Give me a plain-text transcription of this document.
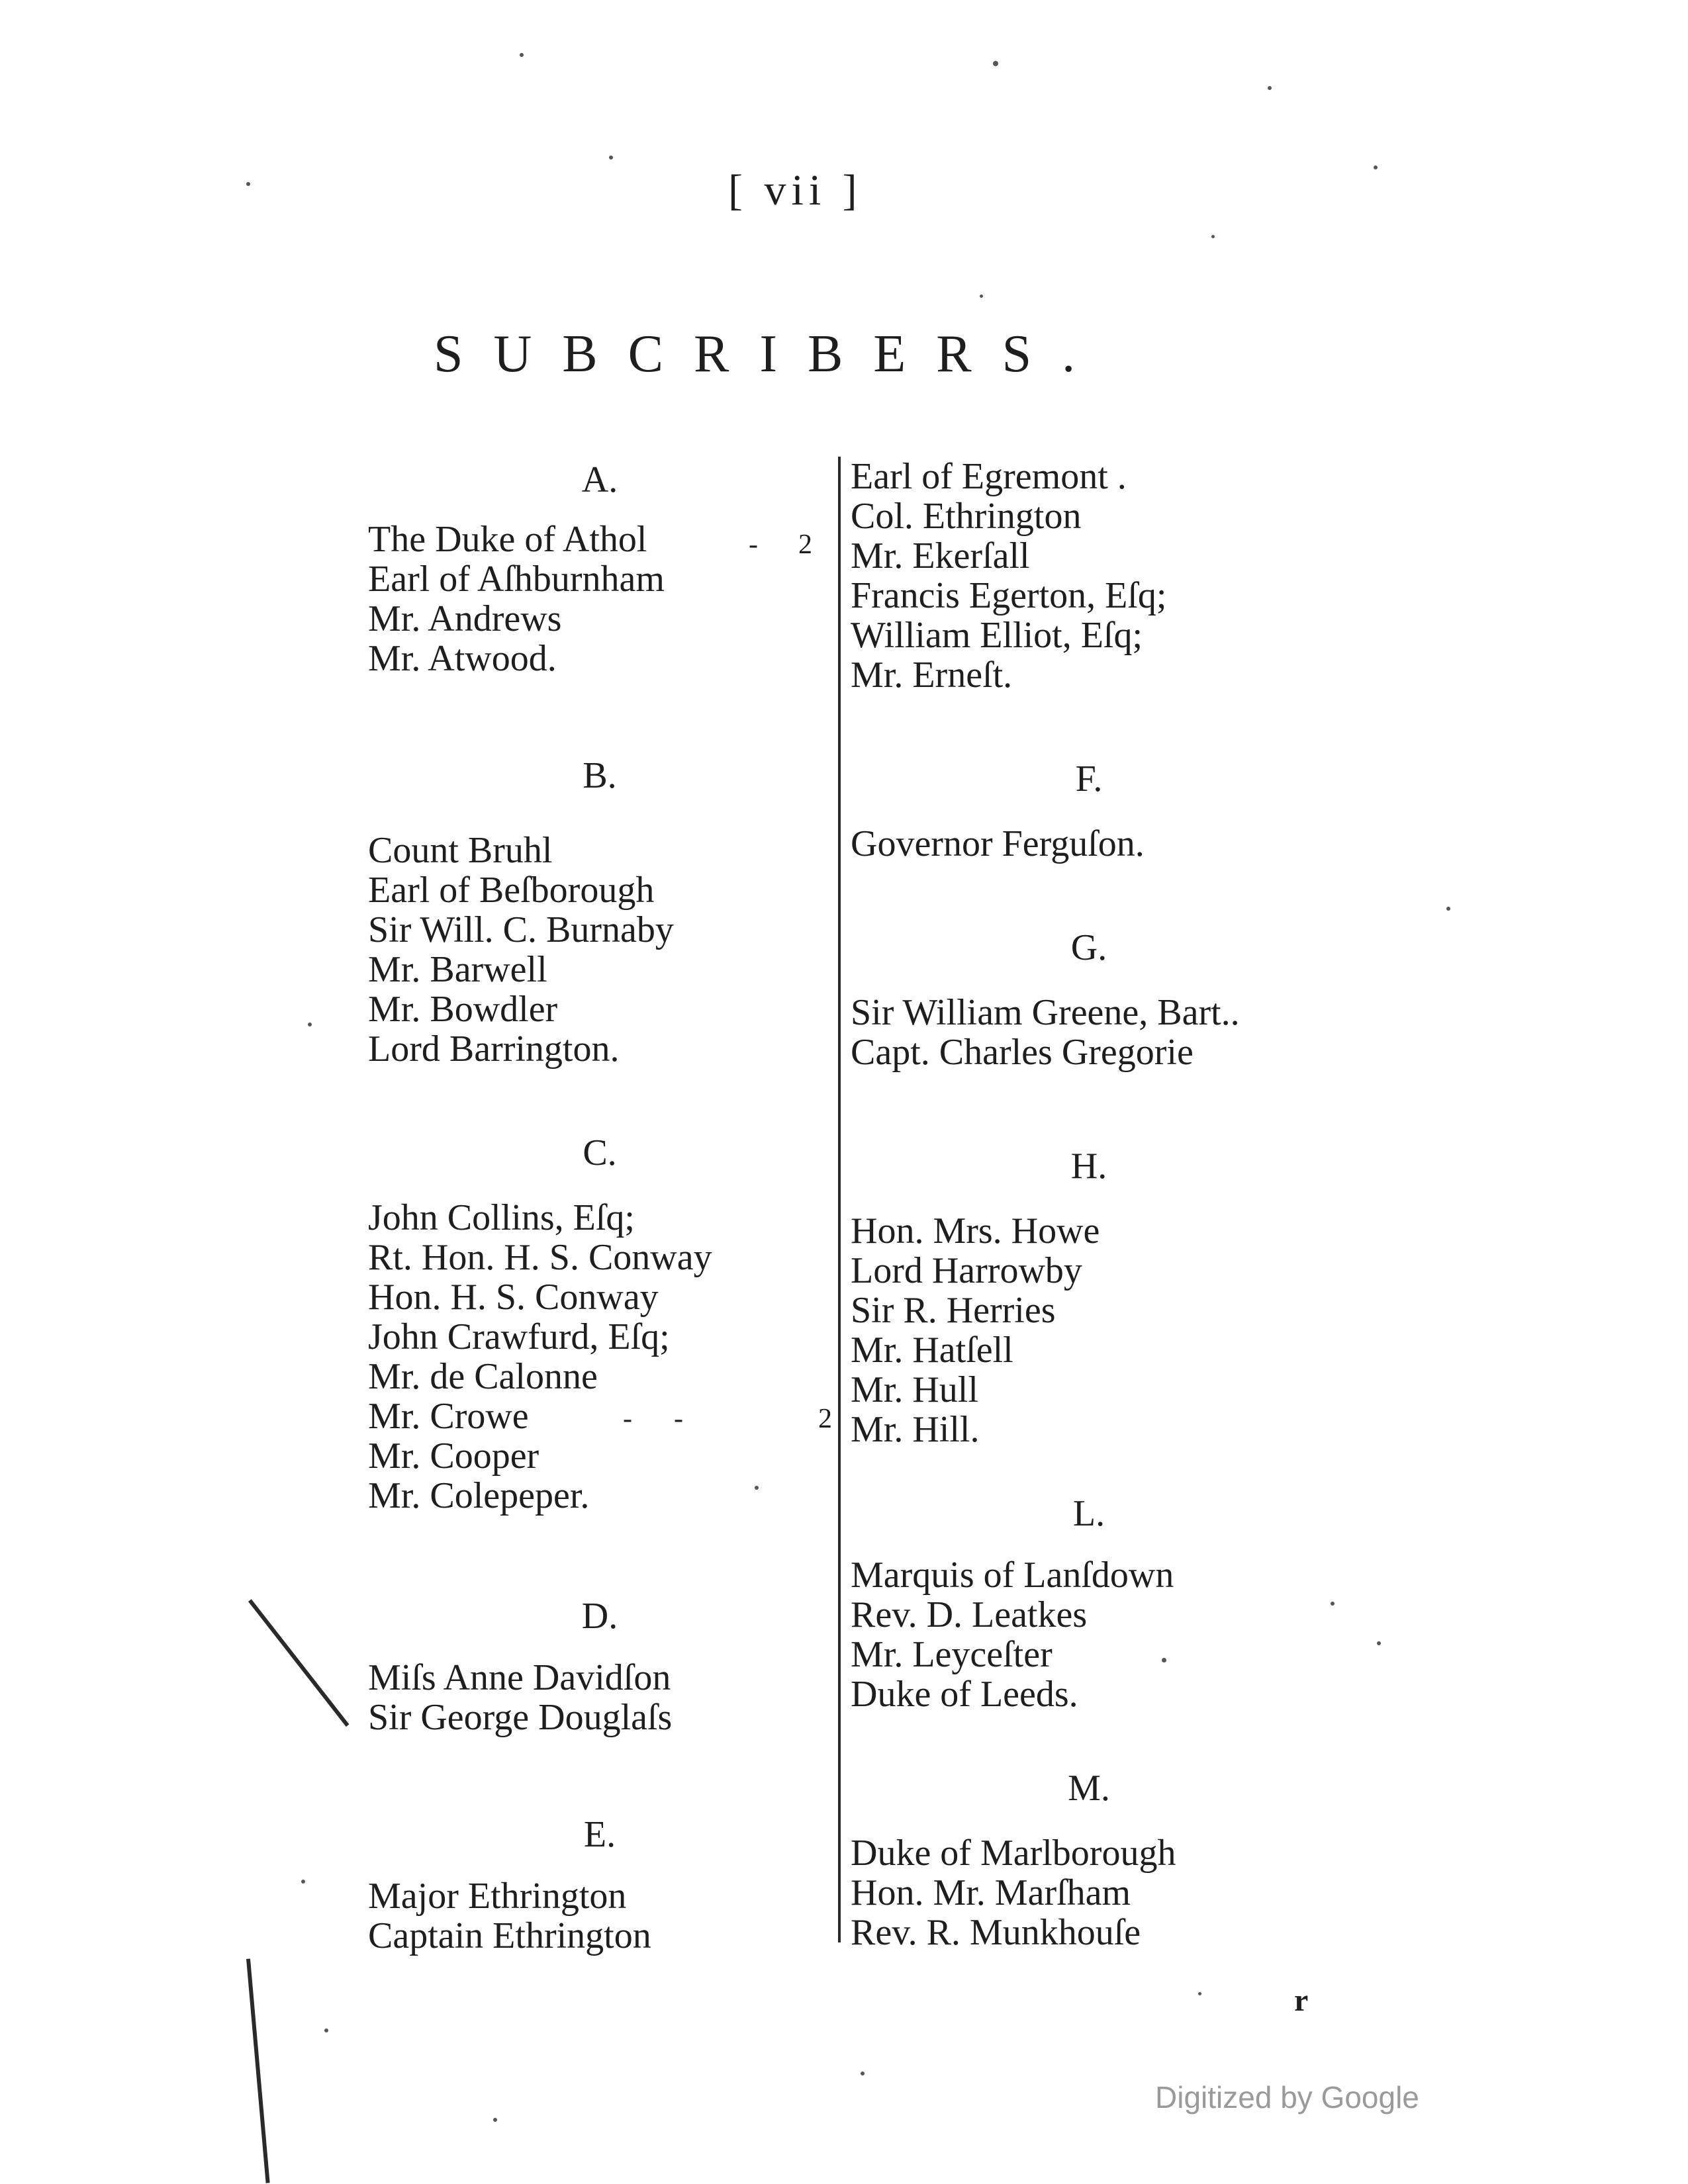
[ vii ]
SUBCRIBERS.
A.
The Duke of Athol	- 2
Earl of Aſhburnham
Mr. Andrews
Mr. Atwood.
B.
Count Bruhl
Earl of Beſborough
Sir Will. C. Burnaby
Mr. Barwell
Mr. Bowdler
Lord Barrington.
C.
John Collins, Eſq;
Rt. Hon. H. S. Conway
Hon. H. S. Conway
John Crawfurd, Eſq;
Mr. de Calonne
Mr. Crowe	-      -	2
Mr. Cooper
Mr. Colepeper.
D.
Miſs Anne Davidſon
Sir George Douglaſs
E.
Major Ethrington
Captain Ethrington
Earl of Egremont .
Col. Ethrington
Mr. Ekerſall
Francis Egerton, Eſq;
William Elliot, Eſq;
Mr. Erneſt.
F.
Governor Ferguſon.
G.
Sir William Greene, Bart..
Capt. Charles Gregorie
H.
Hon. Mrs. Howe
Lord Harrowby
Sir R. Herries
Mr. Hatſell
Mr. Hull
Mr. Hill.
L.
Marquis of Lanſdown
Rev. D. Leatkes
Mr. Leyceſter
Duke of Leeds.
M.
Duke of Marlborough
Hon. Mr. Marſham
Rev. R. Munkhouſe
r
Digitized by Google
